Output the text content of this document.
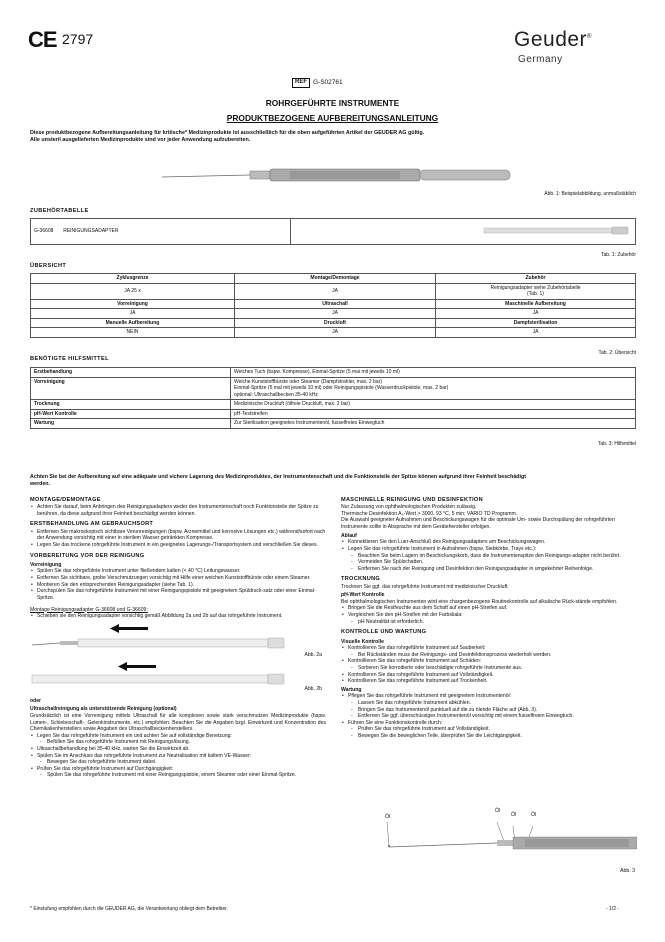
CE 2797	Geuder®
Germany
REF G-S02761
ROHRGEFÜHRTE INSTRUMENTE
PRODUKTBEZOGENE AUFBEREITUNGSANLEITUNG
Diese produktbezogene Aufbereitungsanleitung für kritische* Medizinprodukte ist ausschließlich für die oben aufgeführten Artikel der GEUDER AG gültig.
Alle unsteril ausgelieferten Medizinprodukte sind vor jeder Anwendung aufzubereiten.
Abb. 1: Beispielabbildung, unmaßstäblich
ZUBEHÖRTABELLE
G-36608 REINIGUNGSADAPTER	
Tab. 1: Zubehör
ÜBERSICHT
Zyklusgrenze	Montage/Demontage	Zubehör
JA 25 x	JA	Reinigungsadapter siehe Zubehörtabelle
(Tab. 1)

Vorreinigung	Ultraschall	Maschinelle Aufbereitung
JA	JA	JA
Manuelle Aufbereitung	Druckluft	Dampfsterilisation
NEIN	JA	JA
Tab. 2: Übersicht
BENÖTIGTE HILFSMITTEL
Erstbehandlung	Weiches Tuch (bspw. Kompresse), Einmal-Spritze (5 mai mit jeweils 10 ml)
Vorreinigung	Weiche Kunststoffbürste oder Steamer (Dampfstrahler, max. 2 bar)
Einmal-Spritze (5 mal mit jeweils 10 ml) oder Reinigungspistole (Wasserdruckpistole, max. 2 bar)
optional: Ultraschallbecken 35-40 kHz

Trocknung	Medizinische Druckluft (ölfreie Druckluft, max. 2 bar)
pH-Wert Kontrolle	pH-Teststreifen
Wartung	Zur Sterilisation geeignetes Instrumentenöl, fusselfreies Einwegtuch
Tab. 3: Hilfsmittel
Achten Sie bei der Aufbereitung auf eine adäquate und sichere Lagerung des Medizinproduktes, der Instrumentenschaft und die Funktionsteile der Spitze können aufgrund ihrer Feinheit beschädigt
werden.
MONTAGE/DEMONTAGE
• Achten Sie darauf, beim Anbringen des Reinigungsadapters weder den Instrumentenschaft noch Funktionsteile der Spitze zu berühren, da diese aufgrund ihrer Feinheit beschädigt werden können.
ERSTBEHANDLUNG AM GEBRAUCHSORT
• Entfernen Sie makroskopisch sichtbare Verunreinigungen (bspw. Arzneimittel und korrosive Lösungen etc.) während/sofort nach der Anwendung vorsichtig mit einer in sterilem Wasser getränkten Kompresse.
• Legen Sie das trockene rohrgeführte Instrument in ein geeignetes Lagerungs-/Transportsystem und verschließen Sie dieses.
VORBEREITUNG VOR DER REINIGUNG
Vorreinigung
• Spülen Sie das rohrgeführte Instrument unter fließendem kalten (< 40 °C) Leitungswasser.
• Entfernen Sie sichtbare, grobe Verschmutzungen vorsichtig mit Hilfe einer weichen Kunststoffbürste oder einem Steamer.
• Montieren Sie den entsprechenden Reinigungsadapter (siehe Tab. 1).
• Durchspülen Sie das rohrgeführte Instrument mit einer Reinigungspistole mit geeignetem Spüldruck-satz oder einer Einmal-Spritze.
Montage Reinigungsadapter G-36608 und G-36609:
• Schieben sie den Reinigungsadapter vorsichtig gemäß Abbildung 2a und 2b auf das rohrgeführte Instrument.
Abb. 2a
Abb. 2b
oder
Ultraschallreinigung als unterstützende Reinigung (optional)
Grundsätzlich ist eine Vorreinigung mittels Ultraschall für alle komplexen sowie stark verschmutzen Medizinprodukte (bspw. Lumen-, Schiebeschaft-, Gelenkinstrumente, etc.) empfohlen. Beachten Sie die Angaben bzgl. Einwirkzeit und Konzentration des Chemikalienherstellers sowie Angaben des Ultraschallbeckenherstellers.
• Legen Sie das rohrgeführte Instrument ein und achten Sie auf vollständige Benetzung:
- Befüllen Sie das rohrgeführte Instrument mit Reinigungslösung.
• Ultraschallbehandlung bei 35-40 kHz, warten Sie die Einwirkzeit ab.
• Spülen Sie im Anschluss das rohrgeführte Instrument zur Neutralisation mit kaltem VE-Wasser:
- Bewegen Sie das rohrgeführte Instrument dabei.
• Prüfen Sie das rohrgeführte Instrument auf Durchgängigkeit:
- Spülen Sie das rohrgeführte Instrument mit einer Reinigungspistole, einem Steamer oder einer Einmal-Spritze.
MASCHINELLE REINIGUNG UND DESINFEKTION
Nur Zulassung von ophthalmologischen Produkten zulässig.
Thermische Desinfektion A₀-Wert > 3000, 93 °C, 5 min; VARIO TD Programm.
Die Auswahl geeigneter Aufnahmen und Beschickungswagen für die optimale Um- sowie Durchspülung der rohrgeführten Instrumente sollte in Absprache mit dem Gerätehersteller erfolgen.
Ablauf
• Konnektieren Sie den Luer-Anschluß des Reinigungsadapters am Beschickungswagen.
• Legen Sie das rohrgeführte Instrument in Aufnahmen (bspw. Siebkörbe, Trays etc.):
- Beachten Sie beim Lagern im Beschickungskorb, dass die Instrumentenspitze den Reinigungs-adapter nicht berührt.
- Vermeiden Sie Spülschatten.
- Entfernen Sie nach der Reinigung und Desinfektion den Reinigungsadapter in umgekehrter Reihenfolge.
TROCKNUNG
Trocknen Sie ggf. das rohrgeführte Instrument mit medizinischer Druckluft.
pH-Wert Kontrolle
Bei ophthalmologischen Instrumenten wird eine chargenbezogene Routinekontrolle auf alkalische Rück-stände empfohlen.
• Bringen Sie die Restfeuchte aus dem Schaft auf einen pH-Streifen auf.
• Vergleichen Sie den pH-Streifen mit der Farbskala:
- pH Neutralität ist erforderlich.
KONTROLLE UND WARTUNG
Visuelle Kontrolle
• Kontrollieren Sie das rohrgeführte Instrument auf Sauberkeit:
- Bei Rückständen muss der Reinigungs- und Desinfektionsprozess wiederholt werden.
• Kontrollieren Sie das rohrgeführte Instrument auf Schäden:
- Sortieren Sie korrodierte oder beschädigte rohrgeführte Instrumente aus.
• Kontrollieren Sie das rohrgeführte Instrument auf Vollständigkeit.
• Kontrollieren Sie das rohrgeführte Instrument auf Trockenheit.
Wartung
• Pflegen Sie das rohrgeführte Instrument mit geeignetem Instrumentenöl:
- Lassen Sie das rohrgeführte Instrument abkühlen.
- Bringen Sie das Instrumentenöl punktuell auf die zu ölende Fläche auf (Abb. 3).
- Entfernen Sie ggf. überschüssiges Instrumentenöl vorsichtig mit einem fusselfreien Einwegtuch.
• Führen Sie eine Funktionskontrolle durch:
- Prüfen Sie das rohrgeführte Instrument auf Vollständigkeit.
- Bewegen Sie die beweglichen Teile, überprüfen Sie die Leichtgängigkeit.
Öl
Öl
Öl	Öl
Abb. 3
* Einstufung empfohlen durch die GEUDER AG, die Verantwortung obliegt dem Betreiber.	- 1/2 -
